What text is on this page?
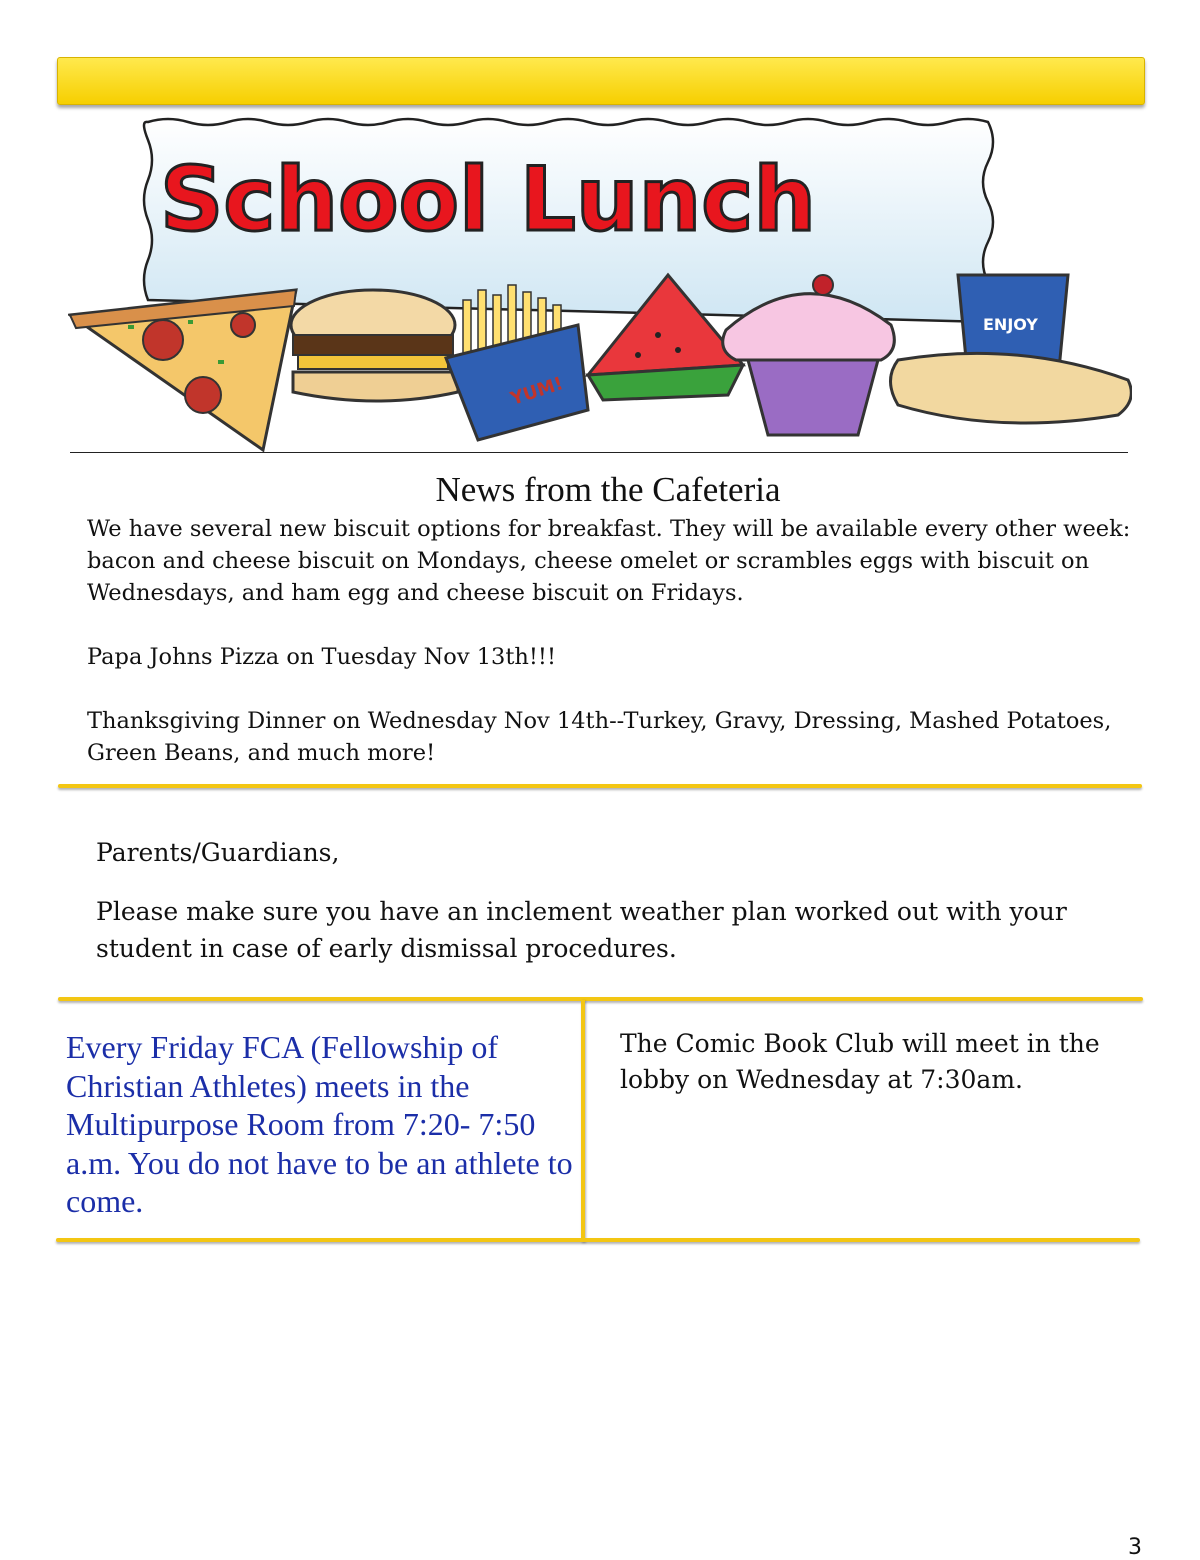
School Lunch
YUM!
ENJOY
News from the Cafeteria

We have several new biscuit options for breakfast. They will be available every other week: bacon and cheese biscuit on Mondays, cheese omelet or scrambles eggs with biscuit on Wednesdays, and ham egg and cheese biscuit on Fridays.

Papa Johns Pizza on Tuesday Nov 13th!!!

Thanksgiving Dinner on Wednesday Nov 14th--Turkey, Gravy, Dressing, Mashed Potatoes, Green Beans, and much more!

Parents/Guardians,
Please make sure you have an inclement weather plan worked out with your student in case of early dismissal procedures.
Every Friday FCA (Fellowship of Christian Athletes) meets in the Multipurpose Room from 7:20- 7:50 a.m. You do not have to be an athlete to come.
The Comic Book Club will meet in the lobby on Wednesday at 7:30am.
3
